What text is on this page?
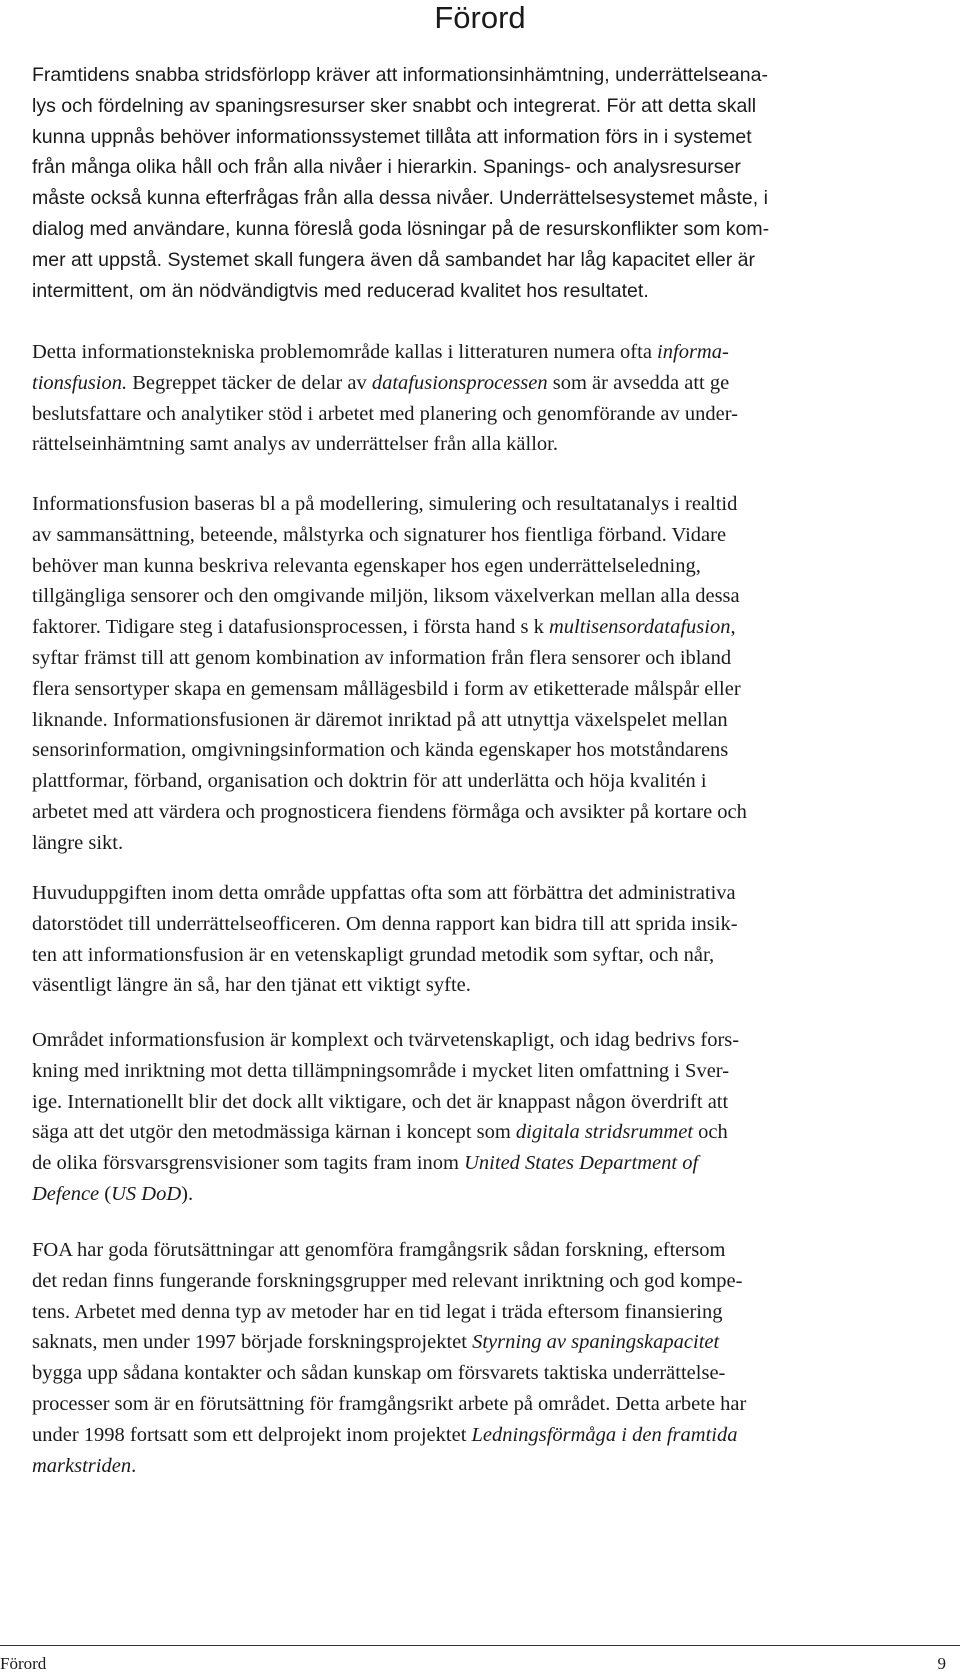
Förord

Framtidens snabba stridsförlopp kräver att informationsinhämtning, underrättelseana-
lys och fördelning av spaningsresurser sker snabbt och integrerat. För att detta skall
kunna uppnås behöver informationssystemet tillåta att information förs in i systemet
från många olika håll och från alla nivåer i hierarkin. Spanings- och analysresurser
måste också kunna efterfrågas från alla dessa nivåer. Underrättelsesystemet måste, i
dialog med användare, kunna föreslå goda lösningar på de resurskonflikter som kom-
mer att uppstå. Systemet skall fungera även då sambandet har låg kapacitet eller är
intermittent, om än nödvändigtvis med reducerad kvalitet hos resultatet.

Detta informationstekniska problemområde kallas i litteraturen numera ofta informa-
tionsfusion. Begreppet täcker de delar av datafusionsprocessen som är avsedda att ge
beslutsfattare och analytiker stöd i arbetet med planering och genomförande av under-
rättelseinhämtning samt analys av underrättelser från alla källor.

Informationsfusion baseras bl a på modellering, simulering och resultatanalys i realtid
av sammansättning, beteende, målstyrka och signaturer hos fientliga förband. Vidare
behöver man kunna beskriva relevanta egenskaper hos egen underrättelseledning,
tillgängliga sensorer och den omgivande miljön, liksom växelverkan mellan alla dessa
faktorer. Tidigare steg i datafusionsprocessen, i första hand s k multisensordatafusion,
syftar främst till att genom kombination av information från flera sensorer och ibland
flera sensortyper skapa en gemensam mållägesbild i form av etiketterade målspår eller
liknande. Informationsfusionen är däremot inriktad på att utnyttja växelspelet mellan
sensorinformation, omgivningsinformation och kända egenskaper hos motståndarens
plattformar, förband, organisation och doktrin för att underlätta och höja kvalitén i
arbetet med att värdera och prognosticera fiendens förmåga och avsikter på kortare och
längre sikt.

Huvuduppgiften inom detta område uppfattas ofta som att förbättra det administrativa
datorstödet till underrättelseofficeren. Om denna rapport kan bidra till att sprida insik-
ten att informationsfusion är en vetenskapligt grundad metodik som syftar, och når,
väsentligt längre än så, har den tjänat ett viktigt syfte.

Området informationsfusion är komplext och tvärvetenskapligt, och idag bedrivs fors-
kning med inriktning mot detta tillämpningsområde i mycket liten omfattning i Sver-
ige. Internationellt blir det dock allt viktigare, och det är knappast någon överdrift att
säga att det utgör den metodmässiga kärnan i koncept som digitala stridsrummet och
de olika försvarsgrensvisioner som tagits fram inom United States Department of
Defence (US DoD).

FOA har goda förutsättningar att genomföra framgångsrik sådan forskning, eftersom
det redan finns fungerande forskningsgrupper med relevant inriktning och god kompe-
tens. Arbetet med denna typ av metoder har en tid legat i träda eftersom finansiering
saknats, men under 1997 började forskningsprojektet Styrning av spaningskapacitet
bygga upp sådana kontakter och sådan kunskap om försvarets taktiska underrättelse-
processer som är en förutsättning för framgångsrikt arbete på området. Detta arbete har
under 1998 fortsatt som ett delprojekt inom projektet Ledningsförmåga i den framtida
markstriden.

Förord	9
